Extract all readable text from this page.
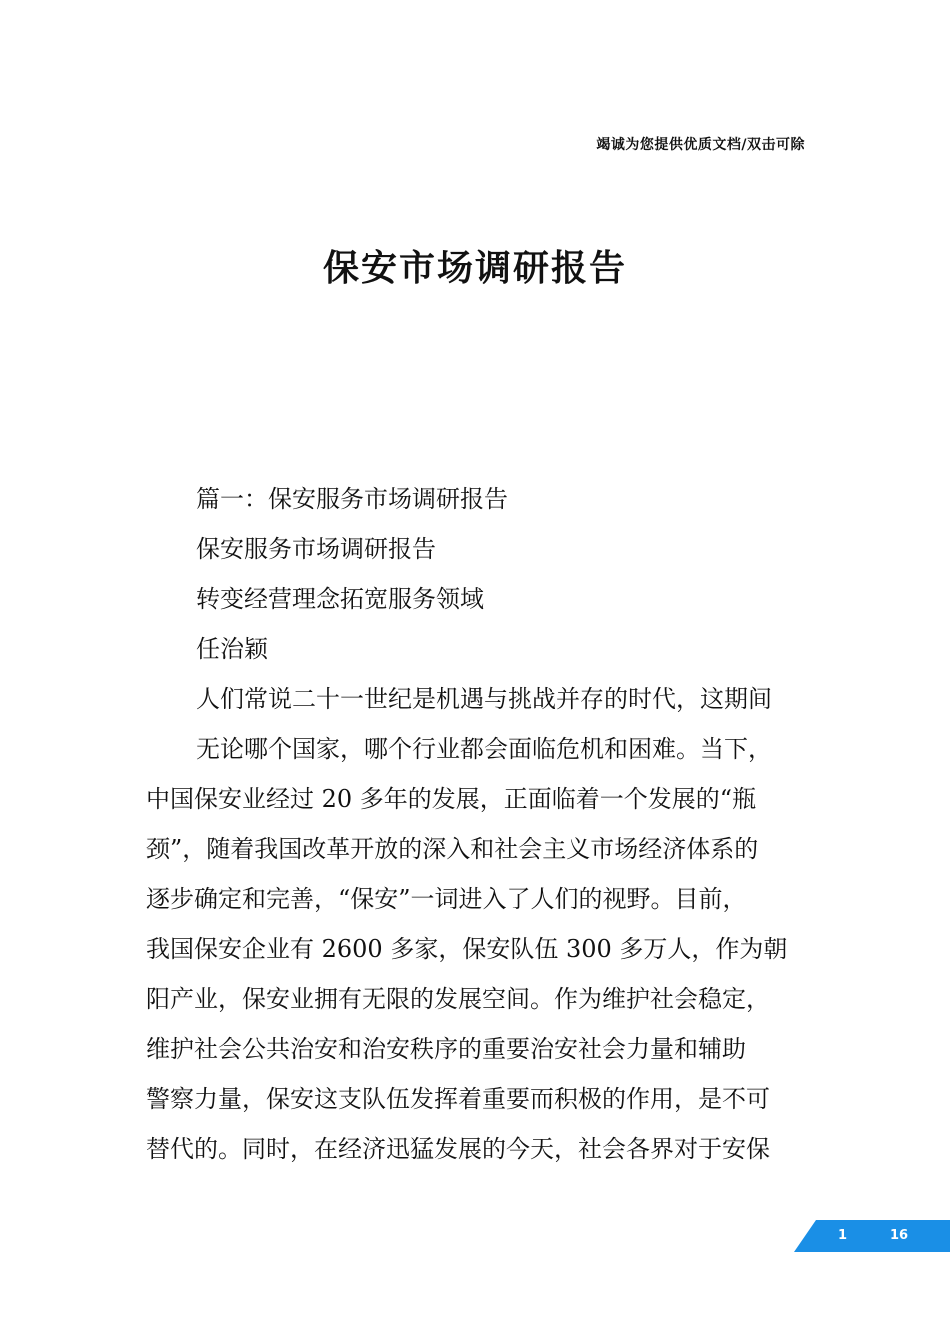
竭诚为您提供优质文档/双击可除
保安市场调研报告
篇一：保安服务市场调研报告
保安服务市场调研报告
转变经营理念拓宽服务领域
任治颖
人们常说二十一世纪是机遇与挑战并存的时代，这期间
无论哪个国家，哪个行业都会面临危机和困难。当下，
中国保安业经过 20 多年的发展，正面临着一个发展的“瓶
颈”，随着我国改革开放的深入和社会主义市场经济体系的
逐步确定和完善，“保安”一词进入了人们的视野。目前，
我国保安企业有 2600 多家，保安队伍 300 多万人，作为朝
阳产业，保安业拥有无限的发展空间。作为维护社会稳定，
维护社会公共治安和治安秩序的重要治安社会力量和辅助
警察力量，保安这支队伍发挥着重要而积极的作用，是不可
替代的。同时，在经济迅猛发展的今天，社会各界对于安保
1	16
